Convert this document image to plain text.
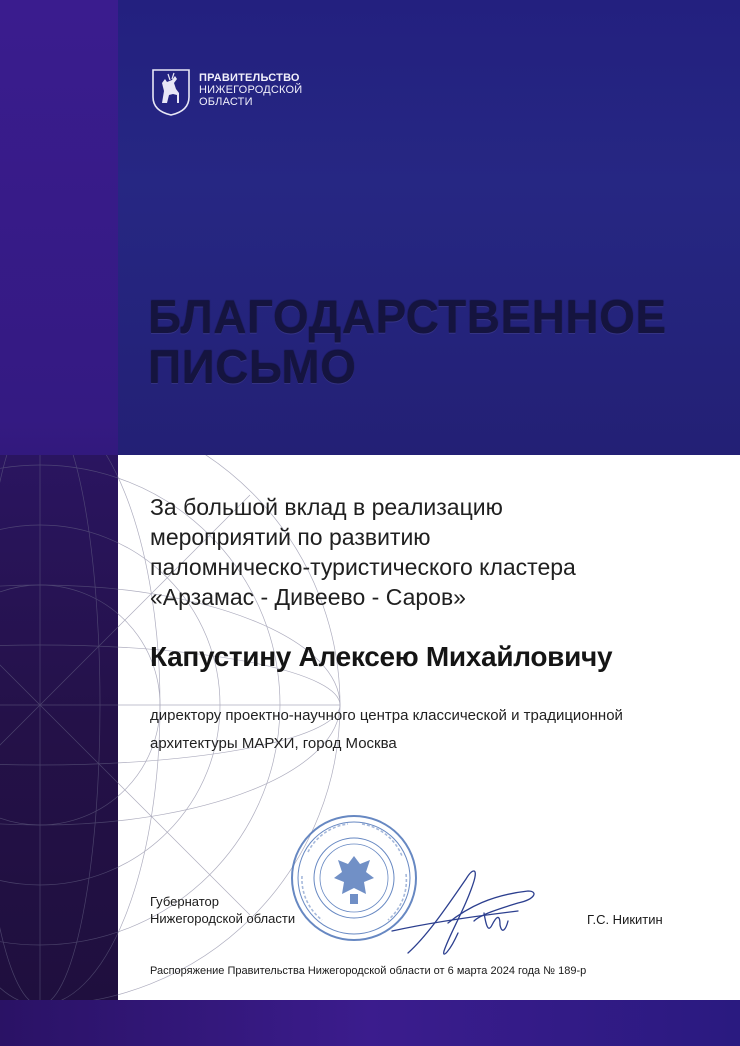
ПРАВИТЕЛЬСТВО
НИЖЕГОРОДСКОЙ
ОБЛАСТИ
БЛАГОДАРСТВЕННОЕ
ПИСЬМО
За большой вклад в реализацию
мероприятий по развитию
паломническо-туристического кластера
«Арзамас - Дивеево - Саров»
Капустину Алексею Михайловичу
директору проектно-научного центра классической и традиционной
архитектуры МАРХИ, город Москва
Губернатор
Нижегородской области	Г.С. Никитин
Распоряжение Правительства Нижегородской области от 6 марта 2024 года № 189-р
